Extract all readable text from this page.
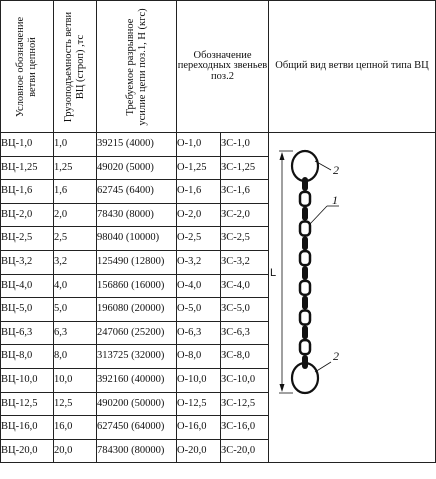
Условное обозначение ветви цепной	Грузоподъемность ветви ВЦ (строп) ,тс	Требуемое разрывное усилие цепи поз.1, Н (кгс)	Обозначение переходных звеньев поз.2		Общий вид ветви цепной типа ВЦ
ВЦ-1,0	1,0	39215 (4000)	О-1,0	ЗС-1,0	L
2
1
2

ВЦ-1,25	1,25	49020 (5000)	О-1,25	ЗС-1,25	
ВЦ-1,6	1,6	62745 (6400)	О-1,6	ЗС-1,6	
ВЦ-2,0	2,0	78430 (8000)	О-2,0	ЗС-2,0	
ВЦ-2,5	2,5	98040 (10000)	О-2,5	ЗС-2,5	
ВЦ-3,2	3,2	125490 (12800)	О-3,2	ЗС-3,2	
ВЦ-4,0	4,0	156860 (16000)	О-4,0	ЗС-4,0	
ВЦ-5,0	5,0	196080 (20000)	О-5,0	ЗС-5,0	
ВЦ-6,3	6,3	247060 (25200)	О-6,3	ЗС-6,3	
ВЦ-8,0	8,0	313725 (32000)	О-8,0	ЗС-8,0	
ВЦ-10,0	10,0	392160 (40000)	О-10,0	ЗС-10,0	
ВЦ-12,5	12,5	490200 (50000)	О-12,5	ЗС-12,5	
ВЦ-16,0	16,0	627450 (64000)	О-16,0	ЗС-16,0	
ВЦ-20,0	20,0	784300 (80000)	О-20,0	ЗС-20,0	
